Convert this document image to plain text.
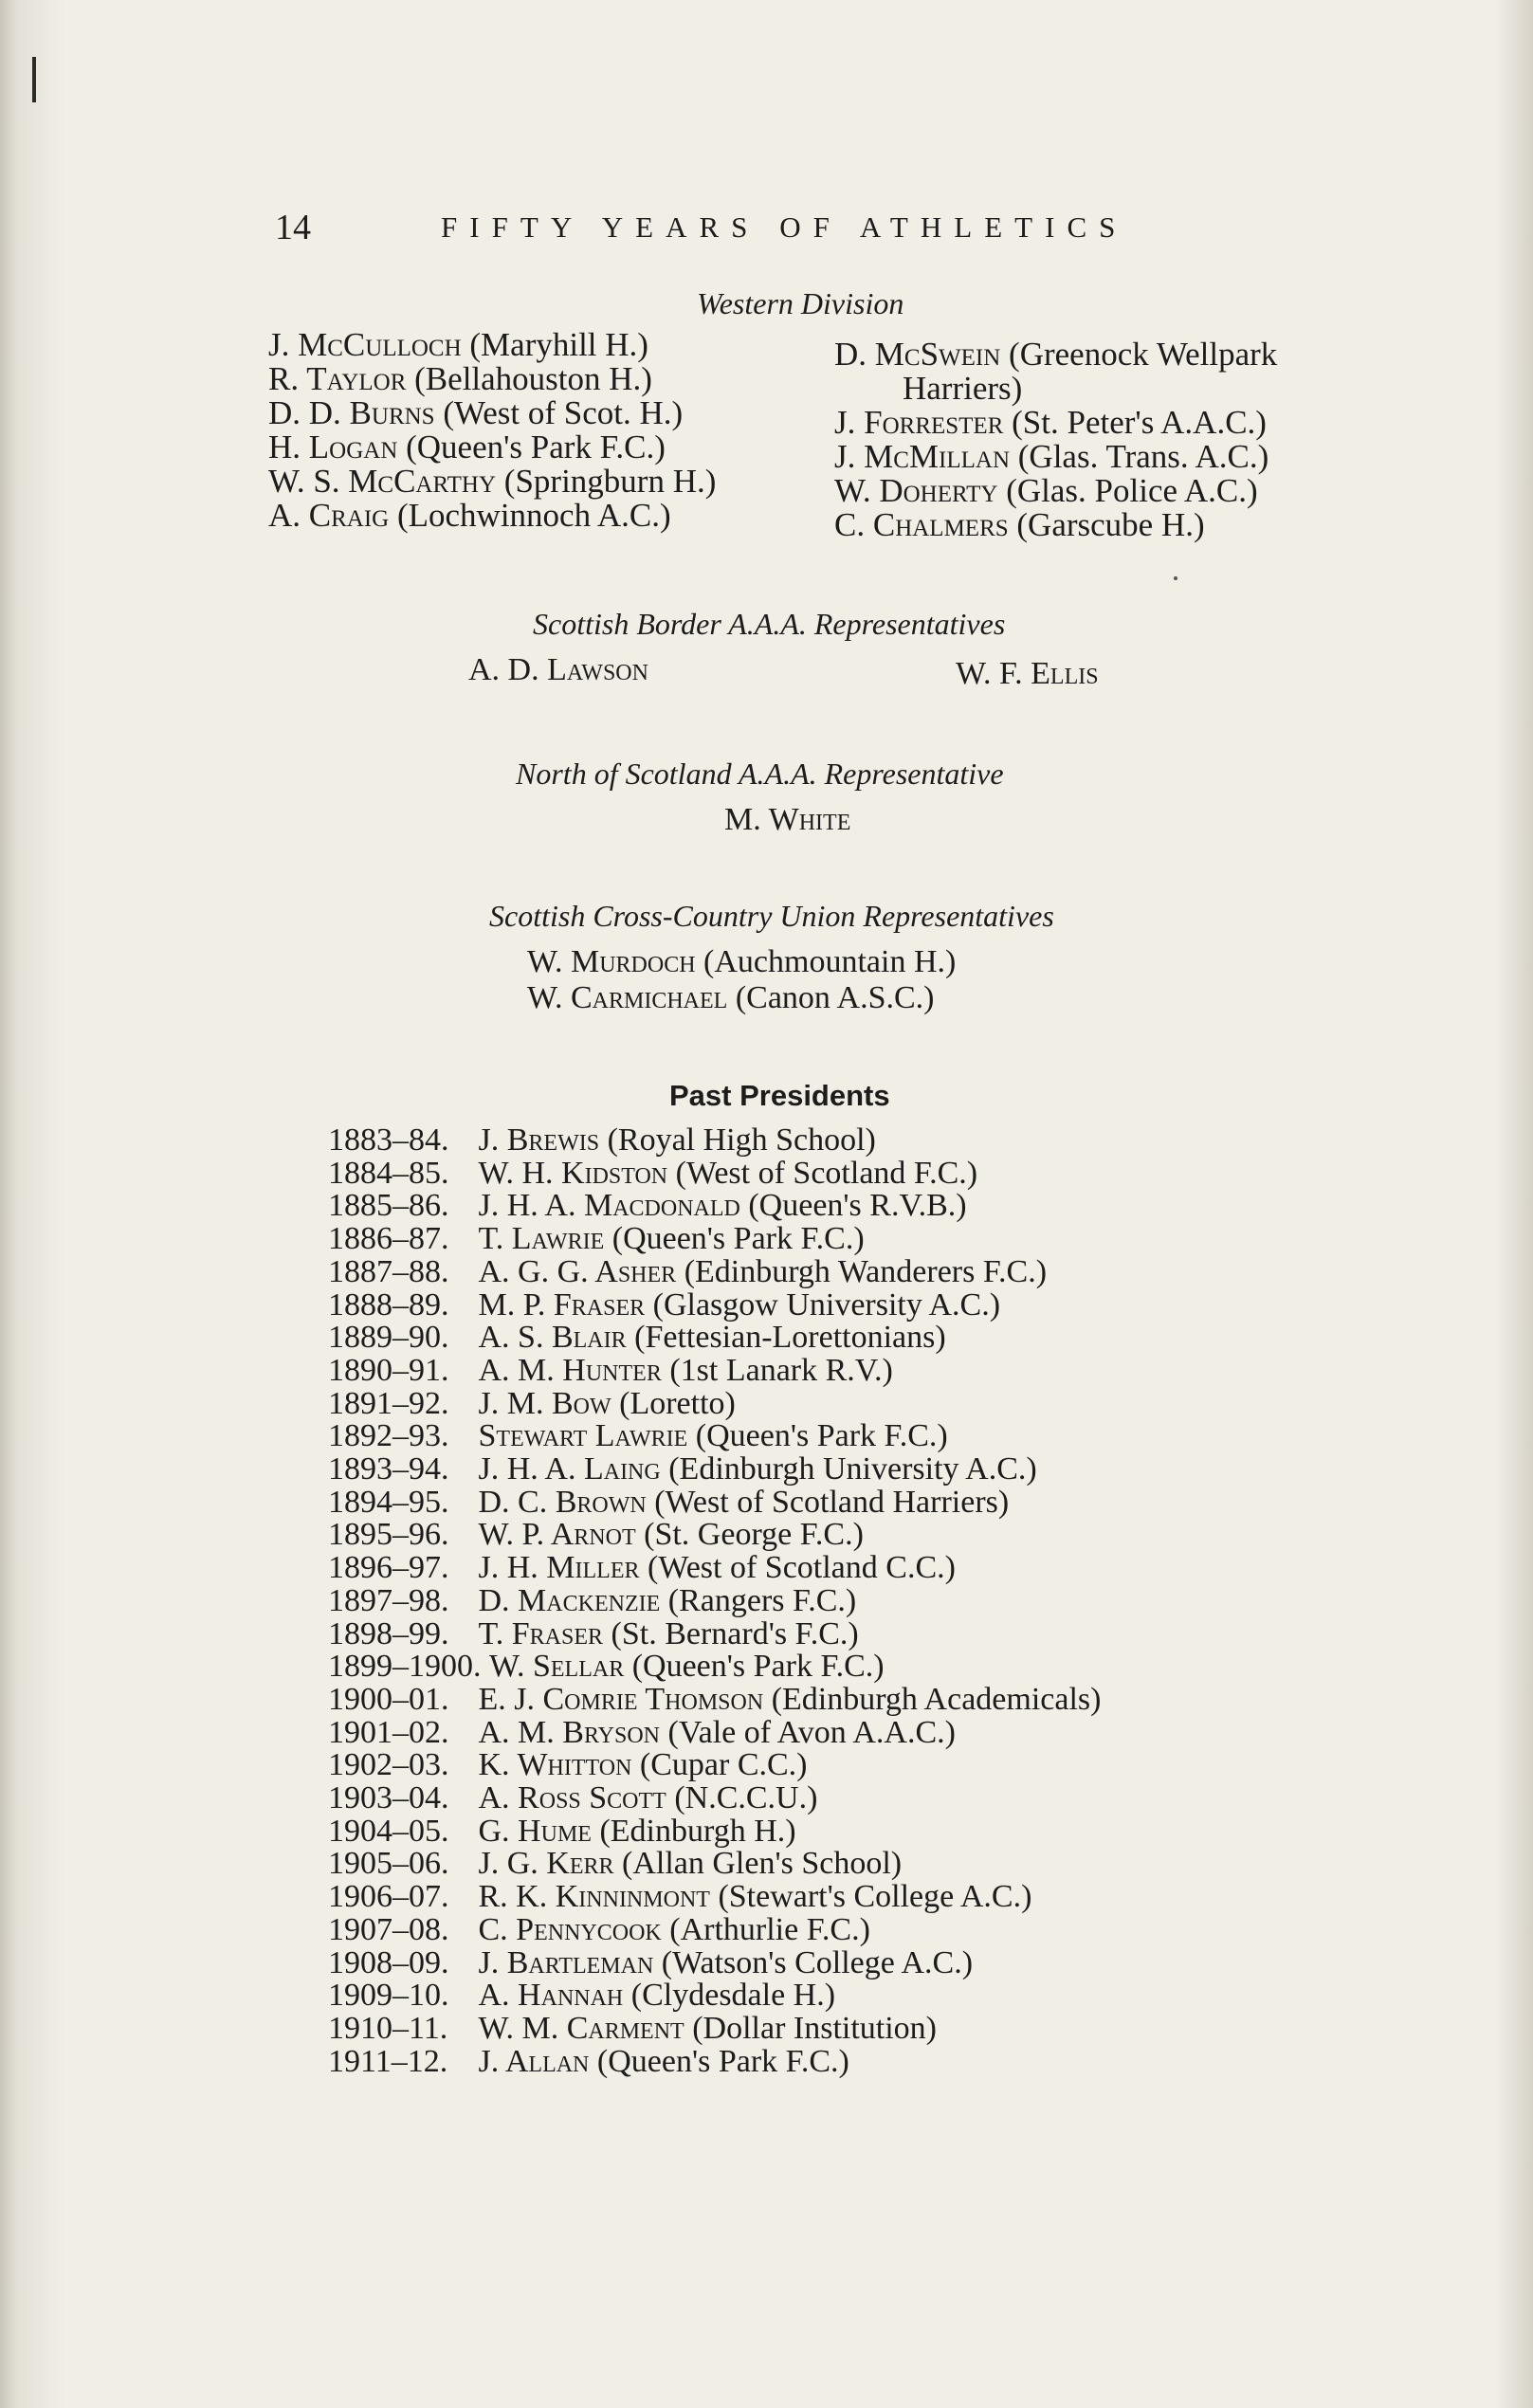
14	FIFTY YEARS OF ATHLETICS
Western Division
J. McCulloch (Maryhill H.)
R. Taylor (Bellahouston H.)
D. D. Burns (West of Scot. H.)
H. Logan (Queen's Park F.C.)
W. S. McCarthy (Springburn H.)
A. Craig (Lochwinnoch A.C.)
D. McSwein (Greenock Wellpark
Harriers)
J. Forrester (St. Peter's A.A.C.)
J. McMillan (Glas. Trans. A.C.)
W. Doherty (Glas. Police A.C.)
C. Chalmers (Garscube H.)
Scottish Border A.A.A. Representatives
A. D. Lawson	W. F. Ellis
North of Scotland A.A.A. Representative
M. White
Scottish Cross-Country Union Representatives
W. Murdoch (Auchmountain H.)
W. Carmichael (Canon A.S.C.)
Past Presidents
1883–84. J. Brewis (Royal High School)
1884–85. W. H. Kidston (West of Scotland F.C.)
1885–86. J. H. A. Macdonald (Queen's R.V.B.)
1886–87. T. Lawrie (Queen's Park F.C.)
1887–88. A. G. G. Asher (Edinburgh Wanderers F.C.)
1888–89. M. P. Fraser (Glasgow University A.C.)
1889–90. A. S. Blair (Fettesian-Lorettonians)
1890–91. A. M. Hunter (1st Lanark R.V.)
1891–92. J. M. Bow (Loretto)
1892–93. Stewart Lawrie (Queen's Park F.C.)
1893–94. J. H. A. Laing (Edinburgh University A.C.)
1894–95. D. C. Brown (West of Scotland Harriers)
1895–96. W. P. Arnot (St. George F.C.)
1896–97. J. H. Miller (West of Scotland C.C.)
1897–98. D. Mackenzie (Rangers F.C.)
1898–99. T. Fraser (St. Bernard's F.C.)
1899–1900. W. Sellar (Queen's Park F.C.)
1900–01. E. J. Comrie Thomson (Edinburgh Academicals)
1901–02. A. M. Bryson (Vale of Avon A.A.C.)
1902–03. K. Whitton (Cupar C.C.)
1903–04. A. Ross Scott (N.C.C.U.)
1904–05. G. Hume (Edinburgh H.)
1905–06. J. G. Kerr (Allan Glen's School)
1906–07. R. K. Kinninmont (Stewart's College A.C.)
1907–08. C. Pennycook (Arthurlie F.C.)
1908–09. J. Bartleman (Watson's College A.C.)
1909–10. A. Hannah (Clydesdale H.)
1910–11. W. M. Carment (Dollar Institution)
1911–12. J. Allan (Queen's Park F.C.)
